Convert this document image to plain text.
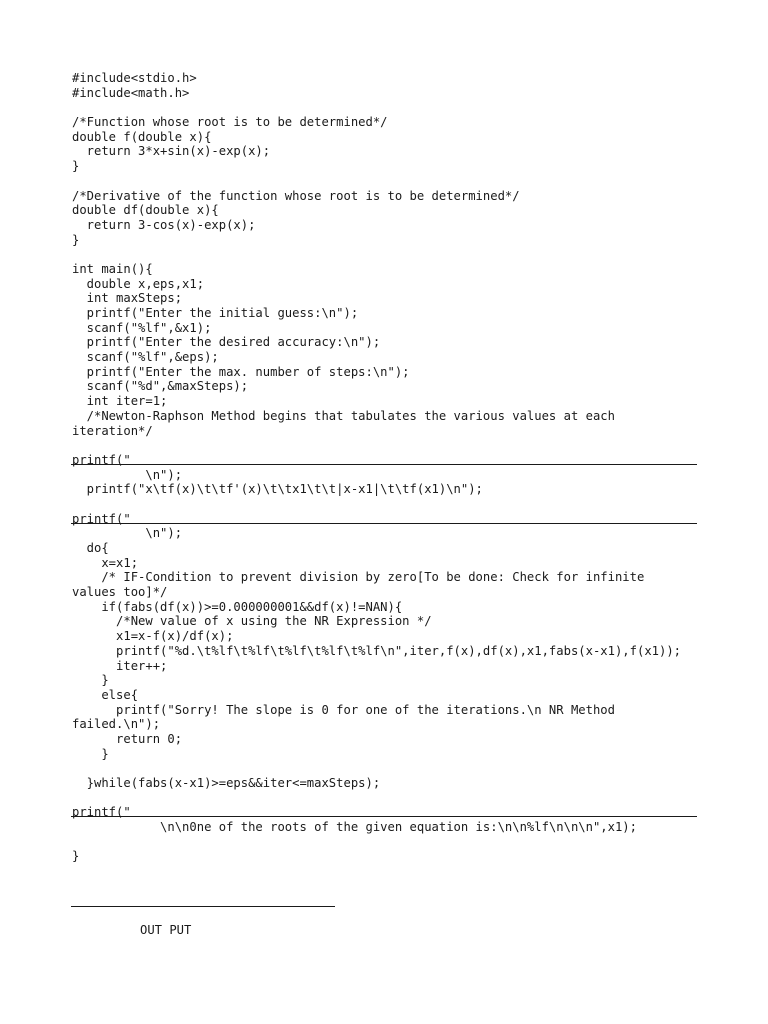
#include<stdio.h>
#include<math.h>
/*Function whose root is to be determined*/
double f(double x){
return 3*x+sin(x)-exp(x);
}
/*Derivative of the function whose root is to be determined*/
double df(double x){
return 3-cos(x)-exp(x);
}
int main(){
double x,eps,x1;
int maxSteps;
printf("Enter the initial guess:\n");
scanf("%lf",&x1);
printf("Enter the desired accuracy:\n");
scanf("%lf",&eps);
printf("Enter the max. number of steps:\n");
scanf("%d",&maxSteps);
int iter=1;
/*Newton-Raphson Method begins that tabulates the various values at each
iteration*/
printf("
\n");
printf("x\tf(x)\t\tf'(x)\t\tx1\t\t|x-x1|\t\tf(x1)\n");
printf("
\n");
do{
x=x1;
/* IF-Condition to prevent division by zero[To be done: Check for infinite
values too]*/
if(fabs(df(x))>=0.000000001&&df(x)!=NAN){
/*New value of x using the NR Expression */
x1=x-f(x)/df(x);
printf("%d.\t%lf\t%lf\t%lf\t%lf\t%lf\n",iter,f(x),df(x),x1,fabs(x-x1),f(x1));
iter++;
}
else{
printf("Sorry! The slope is 0 for one of the iterations.\n NR Method
failed.\n");
return 0;
}
}while(fabs(x-x1)>=eps&&iter<=maxSteps);
printf("
\n\n0ne of the roots of the given equation is:\n\n%lf\n\n\n",x1);
}
OUT PUT
